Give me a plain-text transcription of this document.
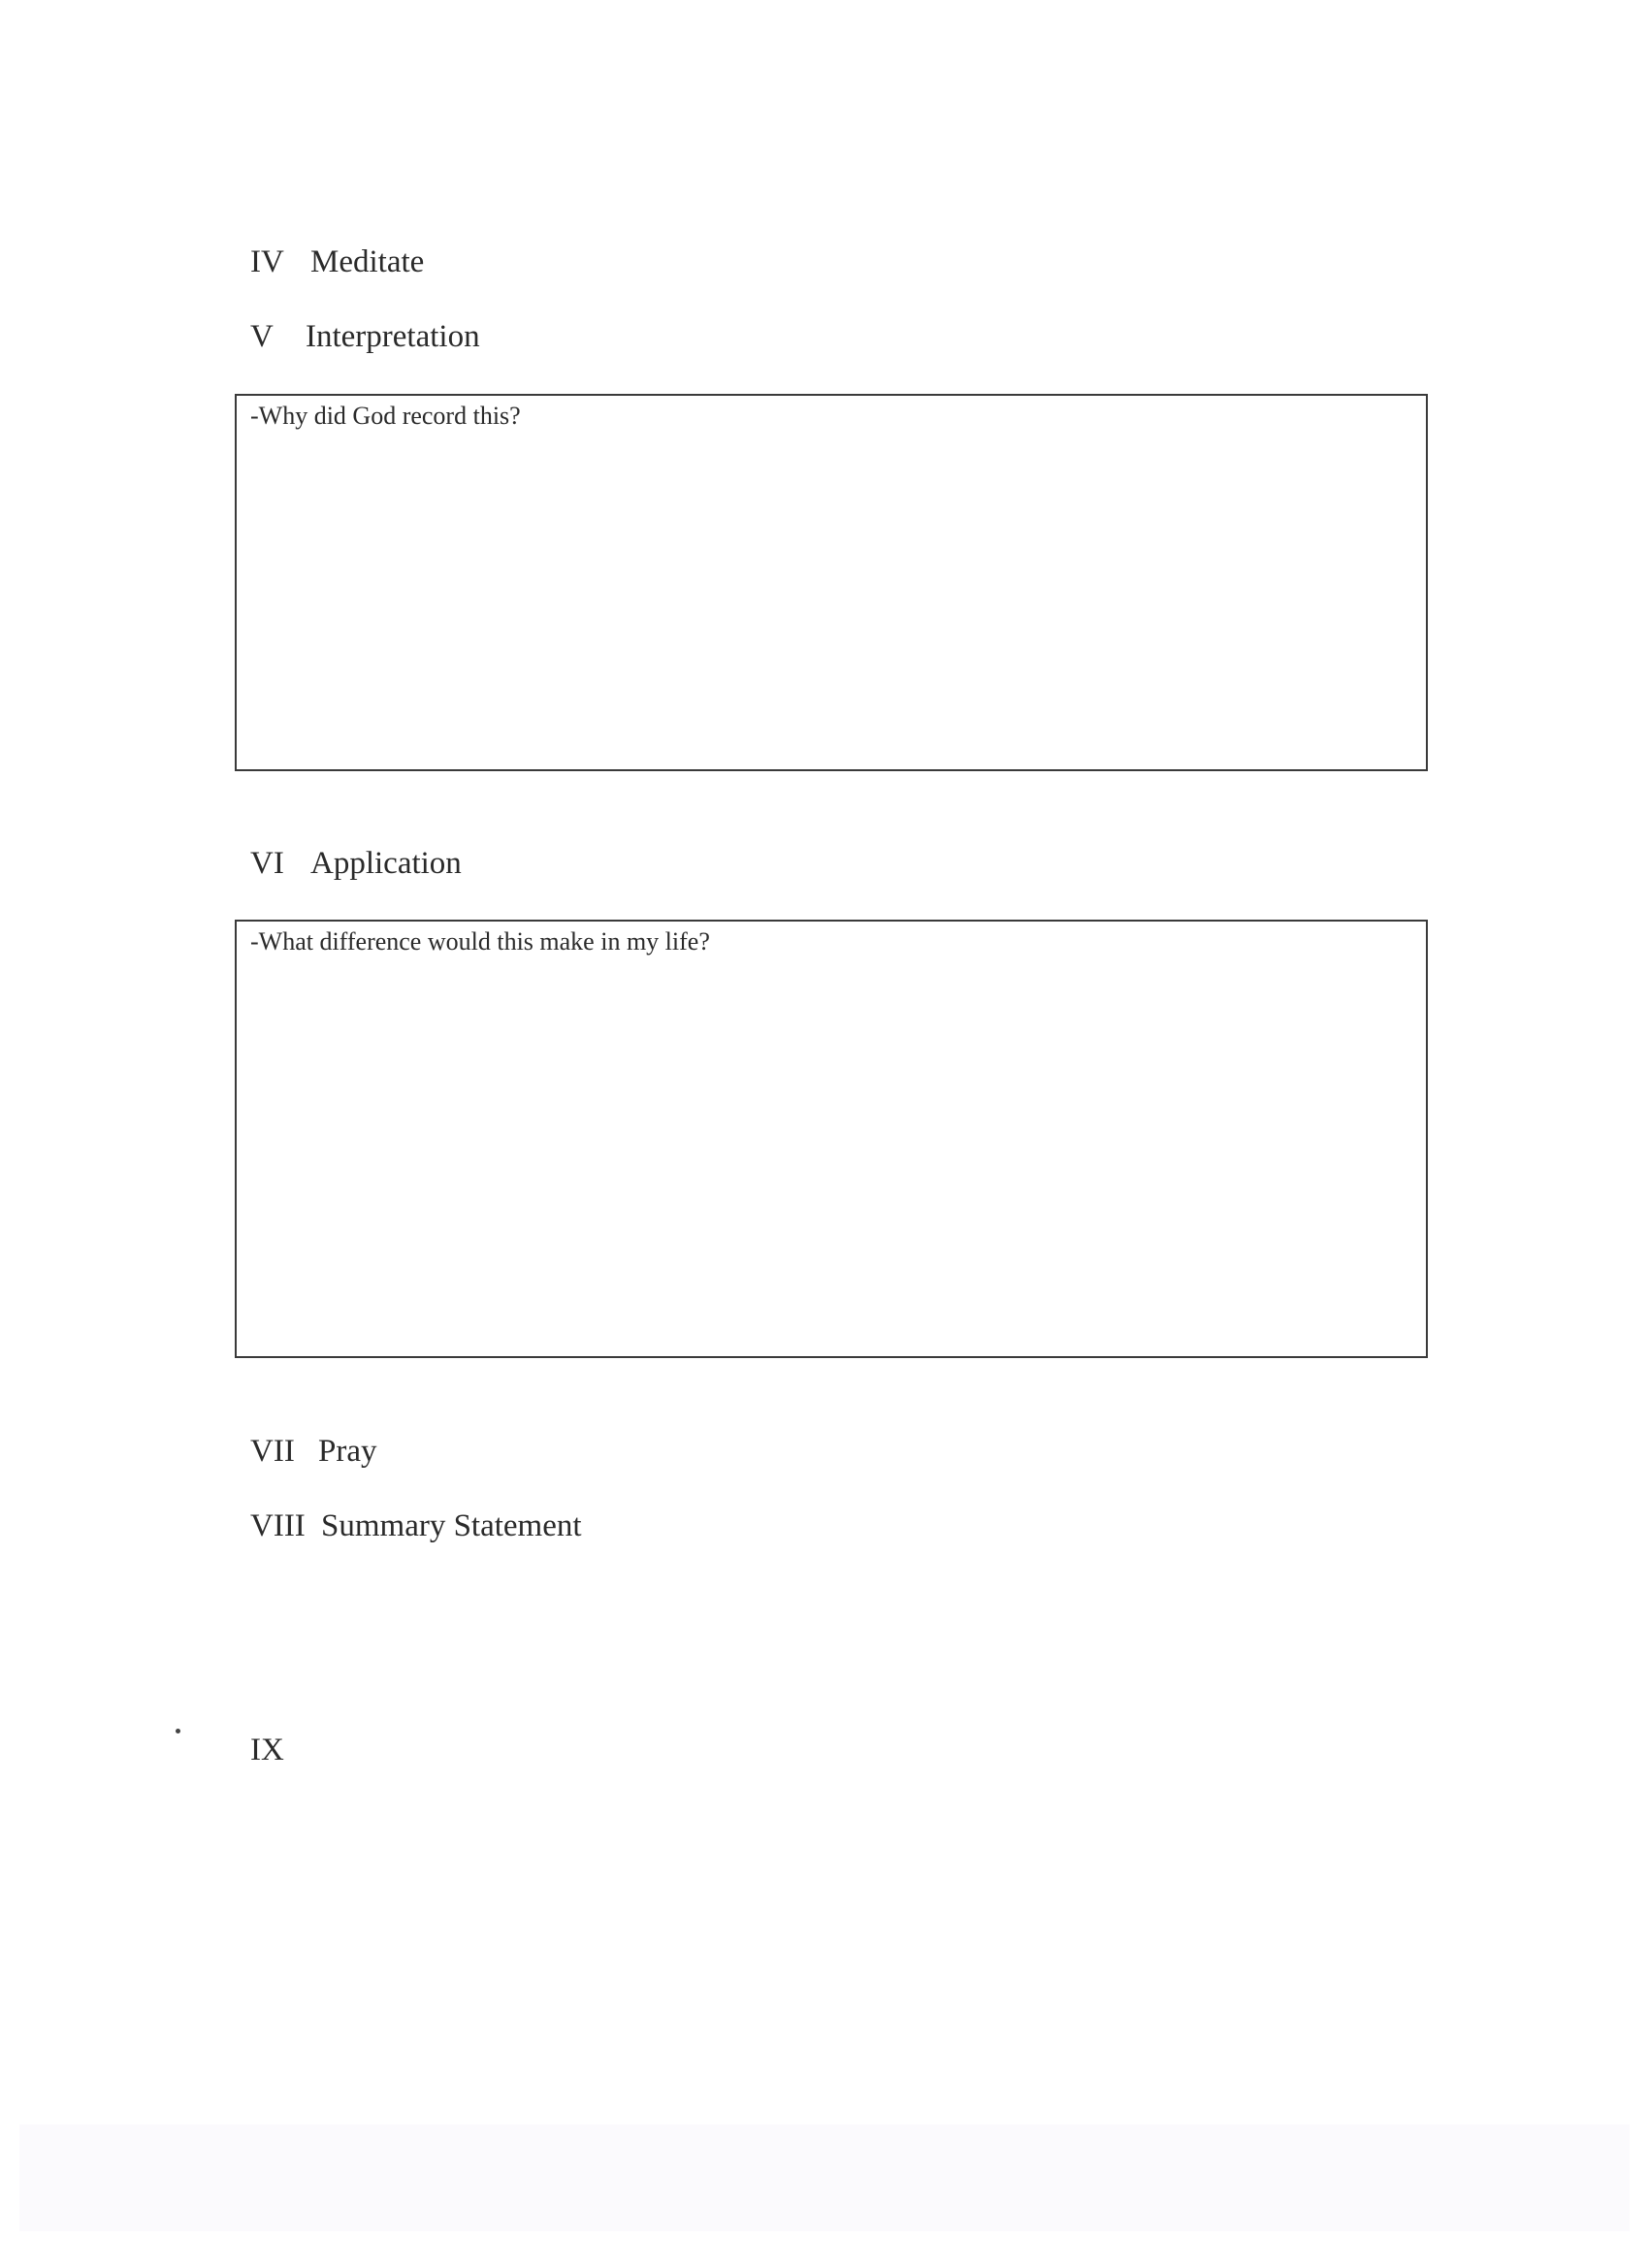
IV Meditate
V Interpretation
-Why did God record this?
VI Application
-What difference would this make in my life?
VII Pray
VIII Summary Statement
IX
